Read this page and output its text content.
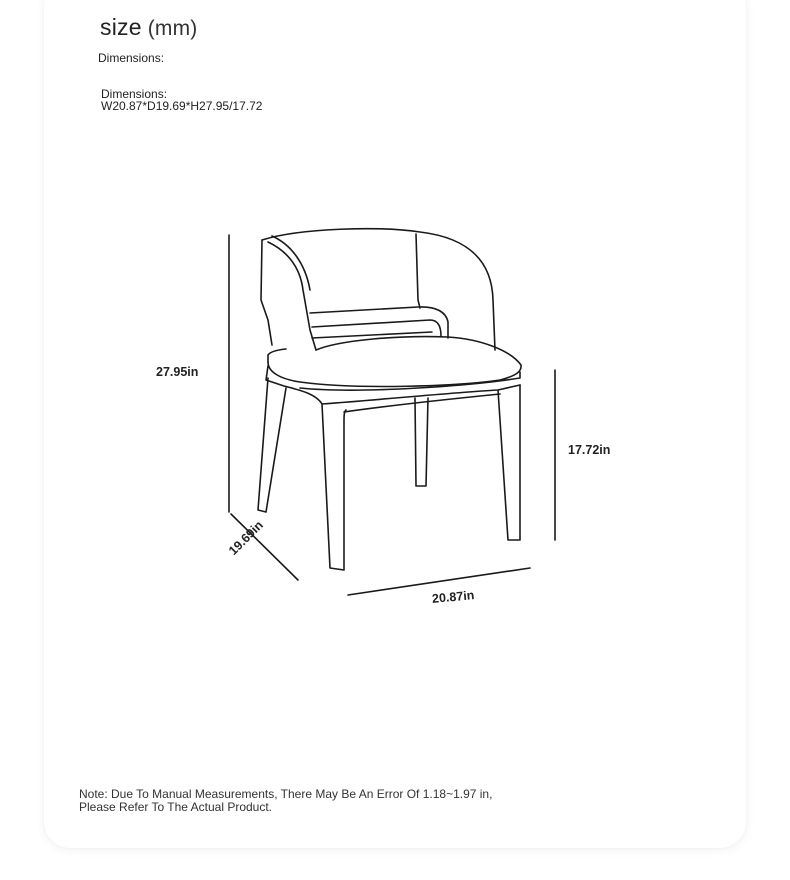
size (mm)
Dimensions:
Dimensions:
W20.87*D19.69*H27.95/17.72
27.95in
17.72in
19.69in
20.87in
Note: Due To Manual Measurements, There May Be An Error Of 1.18~1.97 in,
Please Refer To The Actual Product.
